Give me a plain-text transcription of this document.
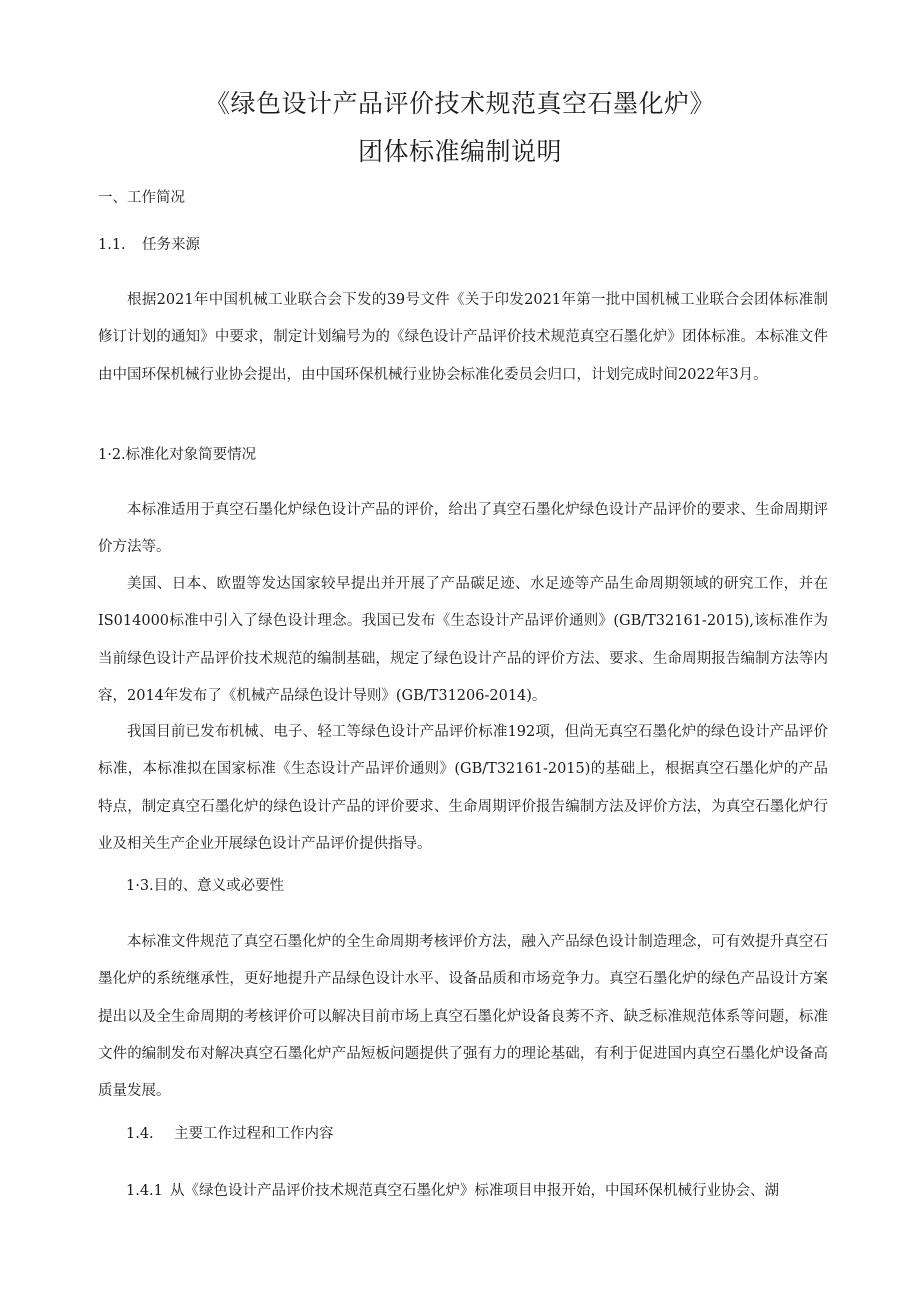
《绿色设计产品评价技术规范真空石墨化炉》
团体标准编制说明
一、工作简况
1.1. 任务来源
根据2021年中国机械工业联合会下发的39号文件《关于印发2021年第一批中国机械工业联合会团体标准制修订计划的通知》中要求，制定计划编号为的《绿色设计产品评价技术规范真空石墨化炉》团体标准。本标准文件由中国环保机械行业协会提出，由中国环保机械行业协会标准化委员会归口，计划完成时间2022年3月。
1·2.标准化对象简要情况
本标准适用于真空石墨化炉绿色设计产品的评价，给出了真空石墨化炉绿色设计产品评价的要求、生命周期评价方法等。
美国、日本、欧盟等发达国家较早提出并开展了产品碳足迹、水足迹等产品生命周期领域的研究工作，并在IS014000标准中引入了绿色设计理念。我国已发布《生态设计产品评价通则》(GB/T32161-2015),该标准作为当前绿色设计产品评价技术规范的编制基础，规定了绿色设计产品的评价方法、要求、生命周期报告编制方法等内容，2014年发布了《机械产品绿色设计导则》(GB/T31206-2014)。
我国目前已发布机械、电子、轻工等绿色设计产品评价标准192项，但尚无真空石墨化炉的绿色设计产品评价标准，本标准拟在国家标准《生态设计产品评价通则》(GB/T32161-2015)的基础上，根据真空石墨化炉的产品特点，制定真空石墨化炉的绿色设计产品的评价要求、生命周期评价报告编制方法及评价方法，为真空石墨化炉行业及相关生产企业开展绿色设计产品评价提供指导。
1·3.目的、意义或必要性
本标准文件规范了真空石墨化炉的全生命周期考核评价方法，融入产品绿色设计制造理念，可有效提升真空石墨化炉的系统继承性，更好地提升产品绿色设计水平、设备品质和市场竞争力。真空石墨化炉的绿色产品设计方案提出以及全生命周期的考核评价可以解决目前市场上真空石墨化炉设备良莠不齐、缺乏标准规范体系等问题，标准文件的编制发布对解决真空石墨化炉产品短板问题提供了强有力的理论基础，有利于促进国内真空石墨化炉设备高质量发展。
1.4. 主要工作过程和工作内容
1.4.1 从《绿色设计产品评价技术规范真空石墨化炉》标准项目申报开始，中国环保机械行业协会、湖
